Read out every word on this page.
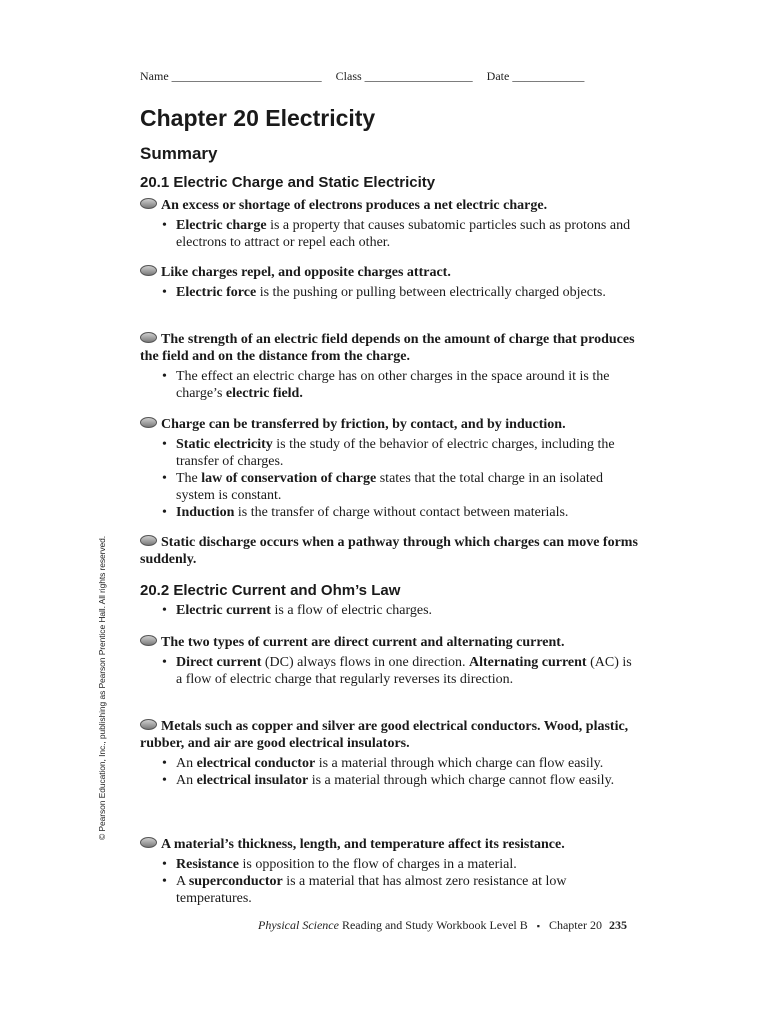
© Pearson Education, Inc., publishing as Pearson Prentice Hall. All rights reserved.
Name _________________________ Class __________________ Date ____________
Chapter 20 Electricity
Summary
20.1 Electric Charge and Static Electricity

An excess or shortage of electrons produces a net electric charge.

• Electric charge is a property that causes subatomic particles such as protons and electrons to attract or repel each other.

Like charges repel, and opposite charges attract.

• Electric force is the pushing or pulling between electrically charged objects.

The strength of an electric field depends on the amount of charge that produces the field and on the distance from the charge.

• The effect an electric charge has on other charges in the space around it is the charge’s electric field.

Charge can be transferred by friction, by contact, and by induction.

• Static electricity is the study of the behavior of electric charges, including the transfer of charges.
• The law of conservation of charge states that the total charge in an isolated system is constant.
• Induction is the transfer of charge without contact between materials.

Static discharge occurs when a pathway through which charges can move forms suddenly.

20.2 Electric Current and Ohm’s Law
• Electric current is a flow of electric charges.

The two types of current are direct current and alternating current.

• Direct current (DC) always flows in one direction. Alternating current (AC) is a flow of electric charge that regularly reverses its direction.

Metals such as copper and silver are good electrical conductors. Wood, plastic, rubber, and air are good electrical insulators.

• An electrical conductor is a material through which charge can flow easily.
• An electrical insulator is a material through which charge cannot flow easily.

A material’s thickness, length, and temperature affect its resistance.

• Resistance is opposition to the flow of charges in a material.
• A superconductor is a material that has almost zero resistance at low temperatures.
Physical Science Reading and Study Workbook Level B ▪ Chapter 20 235
